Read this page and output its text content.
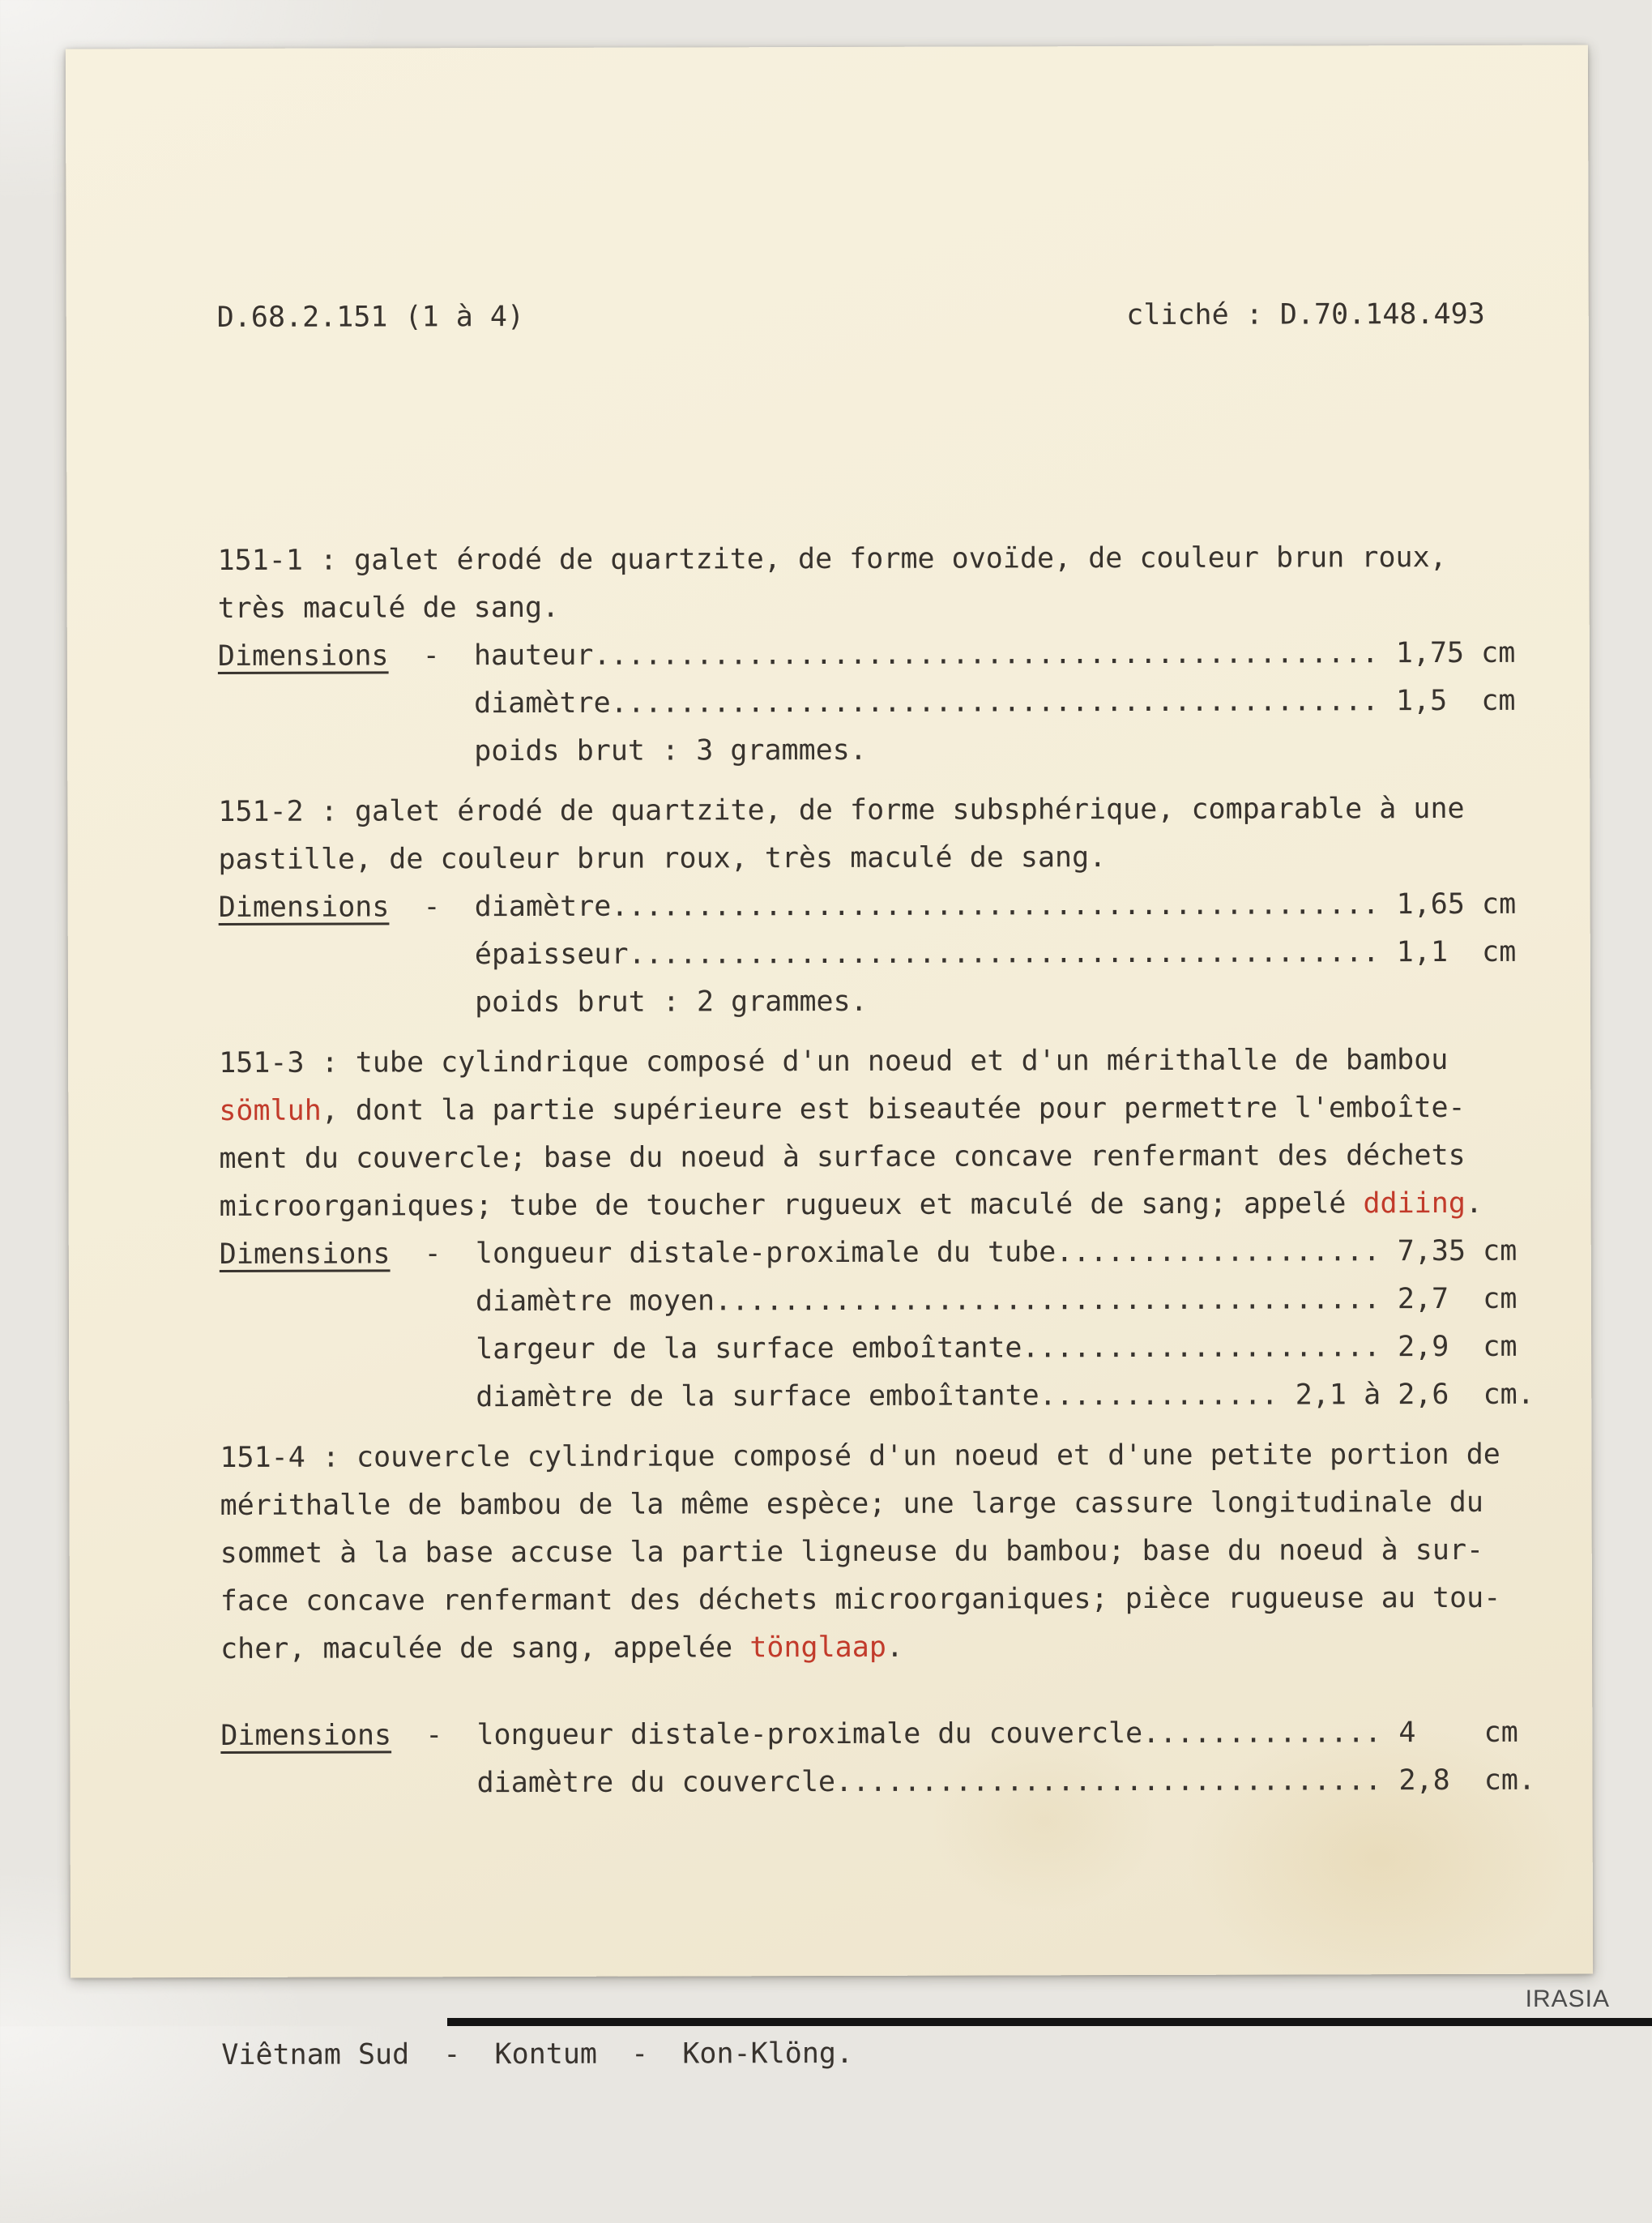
D.68.2.151 (1 à 4)	cliché : D.70.148.493

151-1 : galet érodé de quartzite, de forme ovoïde, de couleur brun roux,
très maculé de sang.
Dimensions  -  hauteur.............................................. 1,75 cm
diamètre............................................. 1,5  cm
poids brut : 3 grammes.
151-2 : galet érodé de quartzite, de forme subsphérique, comparable à une
pastille, de couleur brun roux, très maculé de sang.
Dimensions  -  diamètre............................................. 1,65 cm
épaisseur............................................ 1,1  cm
poids brut : 2 grammes.
151-3 : tube cylindrique composé d'un noeud et d'un mérithalle de bambou
sömluh, dont la partie supérieure est biseautée pour permettre l'emboîte-
ment du couvercle; base du noeud à surface concave renfermant des déchets
microorganiques; tube de toucher rugueux et maculé de sang; appelé ddiing.
Dimensions  -  longueur distale-proximale du tube................... 7,35 cm
diamètre moyen....................................... 2,7  cm
largeur de la surface emboîtante..................... 2,9  cm
diamètre de la surface emboîtante.............. 2,1 à 2,6  cm.
151-4 : couvercle cylindrique composé d'un noeud et d'une petite portion de
mérithalle de bambou de la même espèce; une large cassure longitudinale du
sommet à la base accuse la partie ligneuse du bambou; base du noeud à sur-
face concave renfermant des déchets microorganiques; pièce rugueuse au tou-
cher, maculée de sang, appelée tönglaap.
Dimensions  -  longueur distale-proximale du couvercle.............. 4    cm
diamètre du couvercle................................ 2,8  cm.

Viêtnam Sud  -  Kontum  -  Kon-Klöng.

IRASIA
